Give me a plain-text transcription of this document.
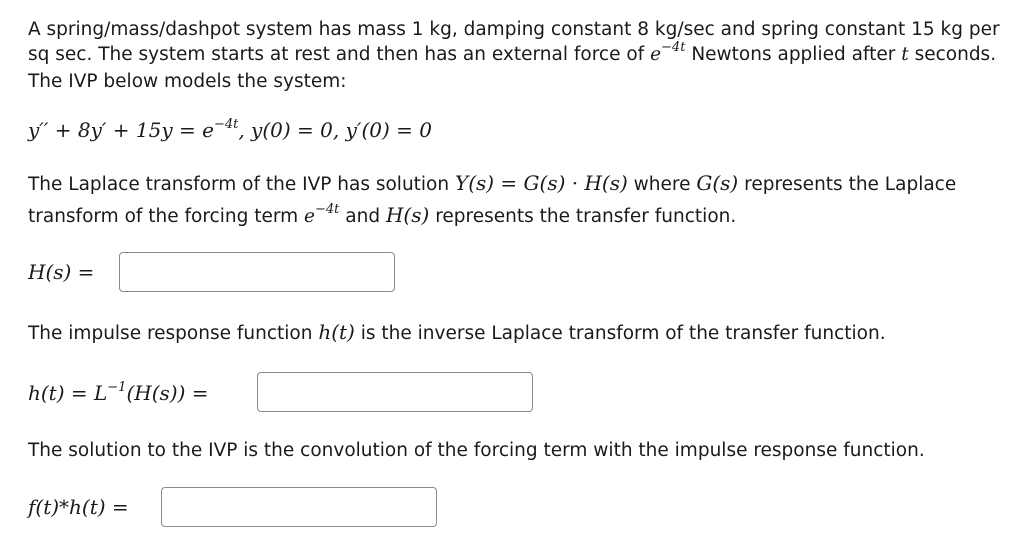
A spring/mass/dashpot system has mass 1 kg, damping constant 8 kg/sec and spring constant 15 kg per sq sec. The system starts at rest and then has an external force of $e^{-4t}$ Newtons applied after t seconds. The IVP below models the system:

$y'' + 8y' + 15y = e^{-4t}$, y(0) = 0, y′(0) = 0

The Laplace transform of the IVP has solution Y(s) = G(s) · H(s) where G(s) represents the Laplace transform of the forcing term $e^{-4t}$ and H(s) represents the transfer function.

H(s) =

The impulse response function h(t) is the inverse Laplace transform of the transfer function.

$h(t) = L^{-1}(H(s))$ =

The solution to the IVP is the convolution of the forcing term with the impulse response function.

f(t)*h(t) =
